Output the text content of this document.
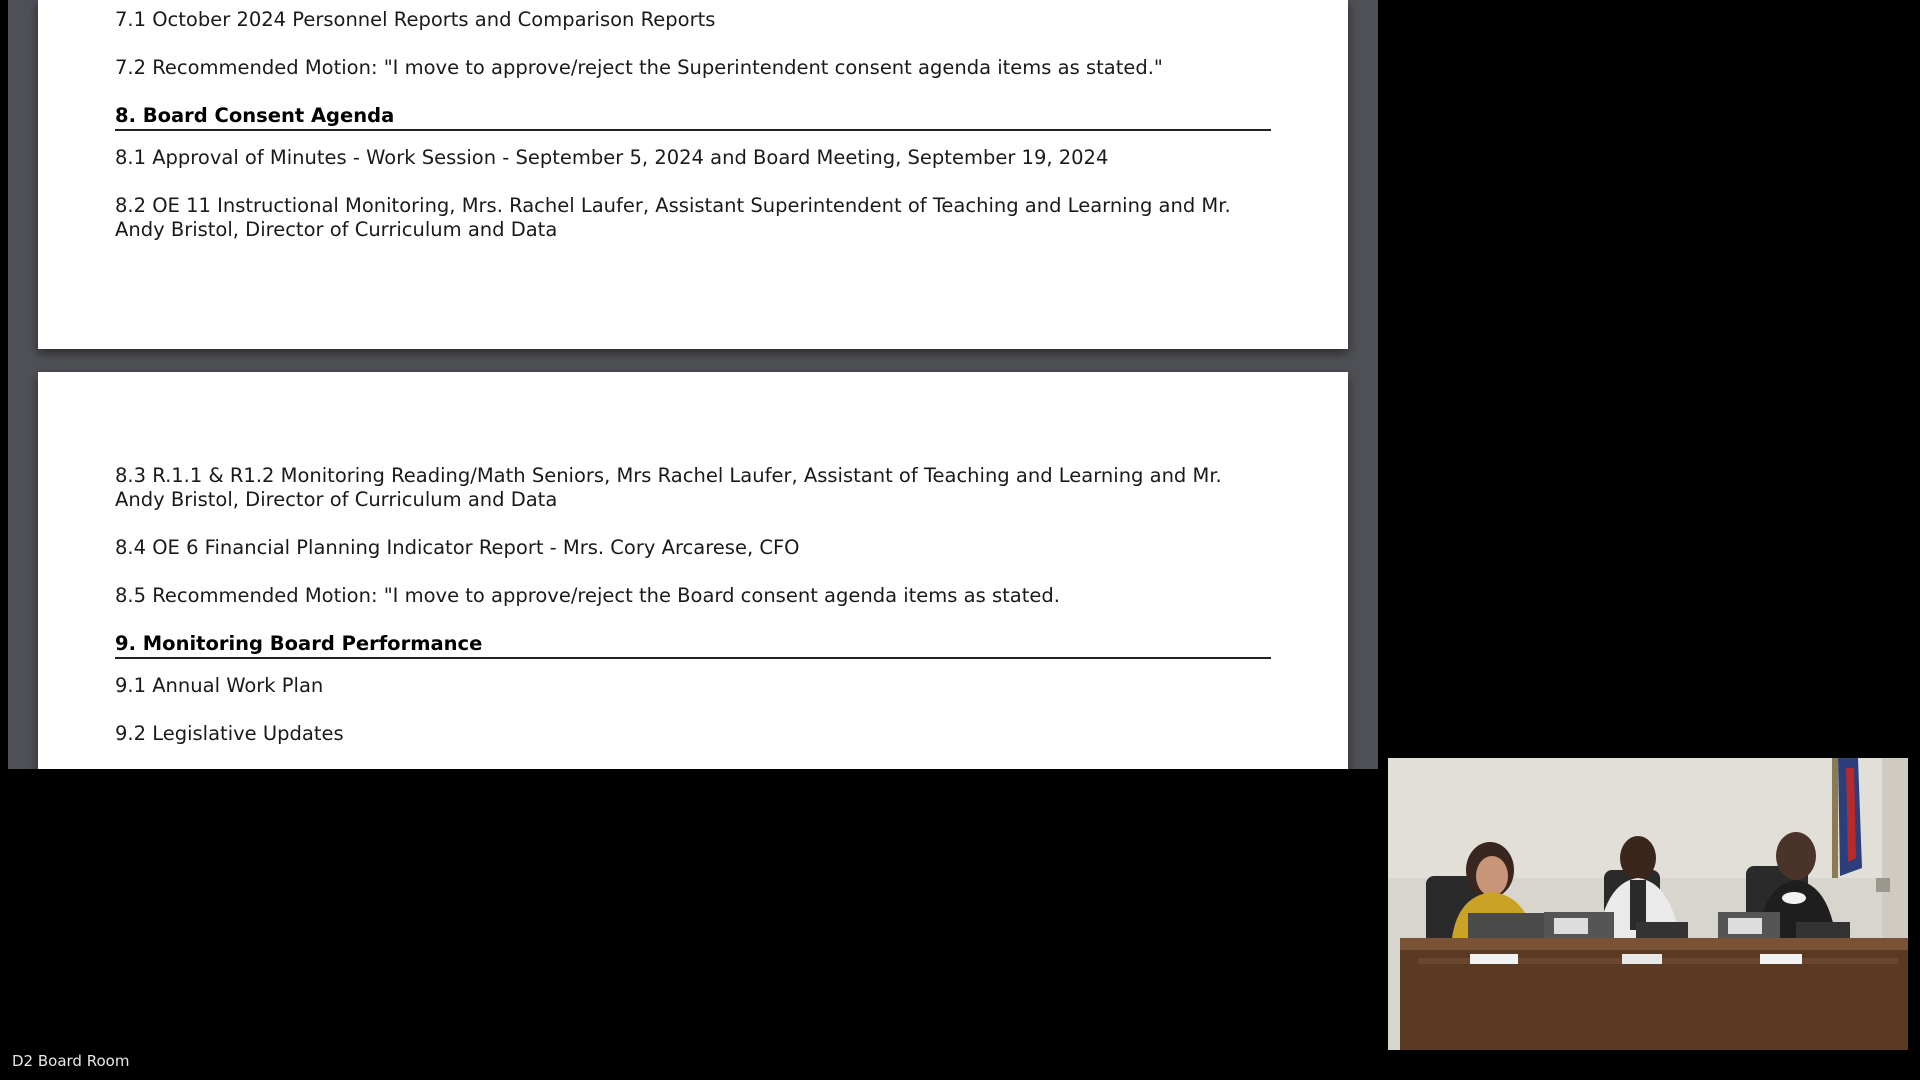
7.1 October 2024 Personnel Reports and Comparison Reports

7.2 Recommended Motion: "I move to approve/reject the Superintendent consent agenda items as stated."

8. Board Consent Agenda

8.1 Approval of Minutes - Work Session - September 5, 2024 and Board Meeting, September 19, 2024

8.2 OE 11 Instructional Monitoring, Mrs. Rachel Laufer, Assistant Superintendent of Teaching and Learning and Mr.
Andy Bristol, Director of Curriculum and Data
8.3 R.1.1 & R1.2 Monitoring Reading/Math Seniors, Mrs Rachel Laufer, Assistant of Teaching and Learning and Mr.
Andy Bristol, Director of Curriculum and Data

8.4 OE 6 Financial Planning Indicator Report - Mrs. Cory Arcarese, CFO

8.5 Recommended Motion: "I move to approve/reject the Board consent agenda items as stated.

9. Monitoring Board Performance

9.1 Annual Work Plan

9.2 Legislative Updates

D2 Board Room
